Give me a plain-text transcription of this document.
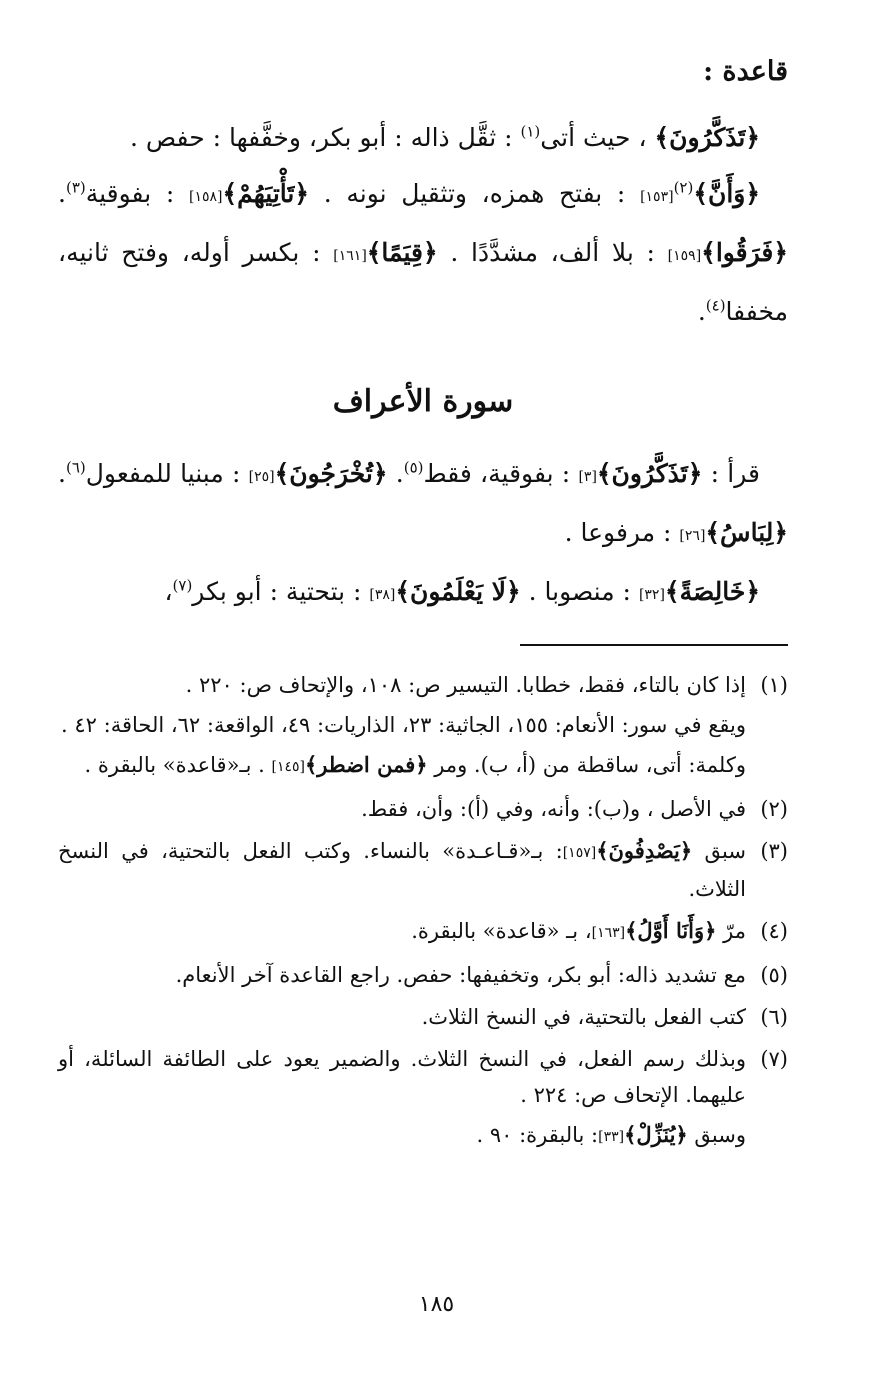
قاعدة :

﴿تَذَكَّرُونَ﴾ ، حيث أتى$^{(١)}$ : ثقَّل ذاله : أبو بكر، وخفَّفها : حفص .

﴿وَأَنَّ﴾$^{(٢)}$[١٥٣] : بفتح همزه، وتثقيل نونه . ﴿تَأْتِيَهُمْ﴾[١٥٨] : بفوقية$^{(٣)}$. ﴿فَرَقُوا﴾[١٥٩] : بلا ألف، مشدَّدًا . ﴿قِيَمًا﴾[١٦١] : بكسر أوله، وفتح ثانيه، مخففا$^{(٤)}$.

سورة الأعراف

قرأ : ﴿تَذَكَّرُونَ﴾[٣] : بفوقية، فقط$^{(٥)}$. ﴿تُخْرَجُونَ﴾[٢٥] : مبنيا للمفعول$^{(٦)}$. ﴿لِبَاسُ﴾[٢٦] : مرفوعا .

﴿خَالِصَةً﴾[٣٢] : منصوبا . ﴿لَا يَعْلَمُونَ﴾[٣٨] : بتحتية : أبو بكر$^{(٧)}$،

(١)
إذا كان بالتاء، فقط، خطابا. التيسير ص: ١٠٨، والإتحاف ص: ٢٢٠ .
ويقع في سور: الأنعام: ١٥٥، الجاثية: ٢٣، الذاريات: ٤٩، الواقعة: ٦٢، الحاقة: ٤٢ .
وكلمة: أتى، ساقطة من (أ، ب). ومر ﴿فمن اضطر﴾[١٤٥] . بـ«قاعدة» بالبقرة .
(٢)
في الأصل ، و(ب): وأنه، وفي (أ): وأن، فقط.
(٣)
سبق ﴿يَصْدِفُونَ﴾[١٥٧]: بـ«قـاعـدة» بالنساء. وكتب الفعل بالتحتية، في النسخ الثلاث.
(٤)
مرّ ﴿وَأَنَا أَوَّلُ﴾[١٦٣]، بـ «قاعدة» بالبقرة.
(٥)
مع تشديد ذاله: أبو بكر، وتخفيفها: حفص. راجع القاعدة آخر الأنعام.
(٦)
كتب الفعل بالتحتية، في النسخ الثلاث.
(٧)
وبذلك رسم الفعل، في النسخ الثلاث. والضمير يعود على الطائفة السائلة، أو عليهما. الإتحاف ص: ٢٢٤ .
وسبق ﴿يُنَزِّلْ﴾[٣٣]: بالبقرة: ٩٠ .
١٨٥
